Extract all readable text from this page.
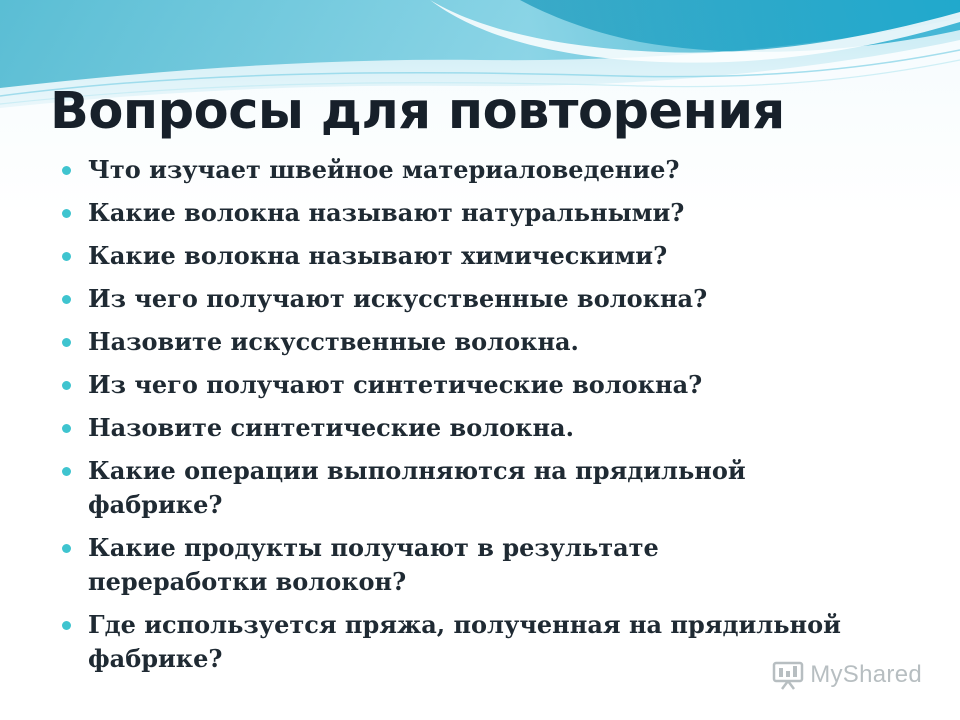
Вопросы для повторения
Что изучает швейное материаловедение?
Какие волокна называют натуральными?
Какие волокна называют химическими?
Из чего получают искусственные волокна?
Назовите искусственные волокна.
Из чего получают синтетические волокна?
Назовите синтетические волокна.
Какие операции выполняются на прядильной фабрике?
Какие продукты получают в результате переработки волокон?
Где используется пряжа, полученная на прядильной фабрике?
MyShared
